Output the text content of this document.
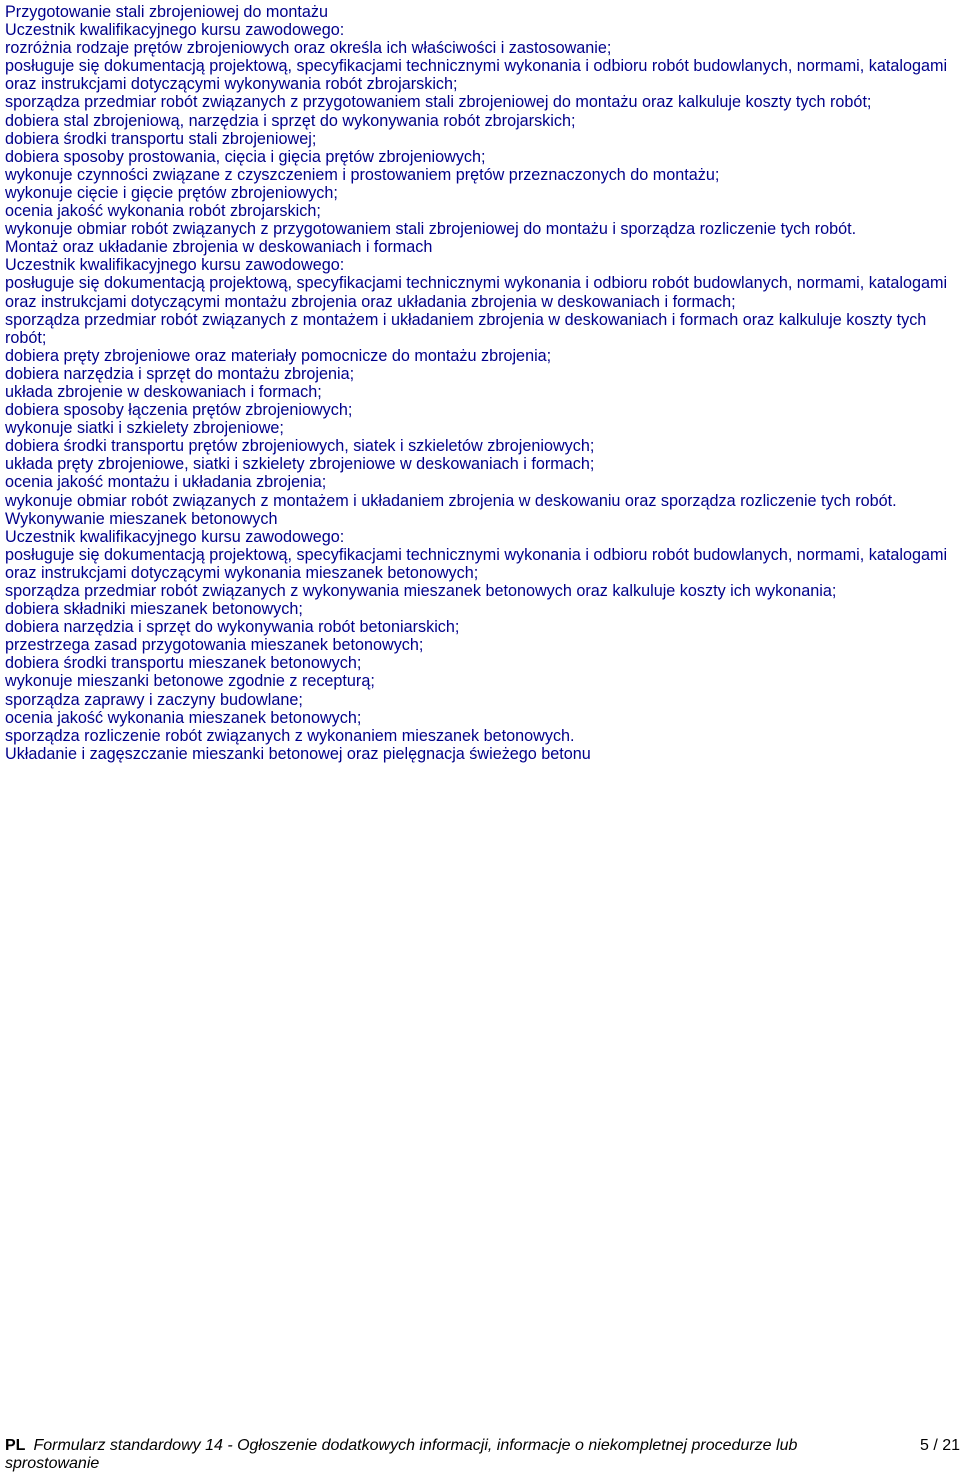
Przygotowanie stali zbrojeniowej do montażu
Uczestnik kwalifikacyjnego kursu zawodowego:
rozróżnia rodzaje prętów zbrojeniowych oraz określa ich właściwości i zastosowanie;
posługuje się dokumentacją projektową, specyfikacjami technicznymi wykonania i odbioru robót budowlanych, normami, katalogami oraz instrukcjami dotyczącymi wykonywania robót zbrojarskich;
sporządza przedmiar robót związanych z przygotowaniem stali zbrojeniowej do montażu oraz kalkuluje koszty tych robót;
dobiera stal zbrojeniową, narzędzia i sprzęt do wykonywania robót zbrojarskich;
dobiera środki transportu stali zbrojeniowej;
dobiera sposoby prostowania, cięcia i gięcia prętów zbrojeniowych;
wykonuje czynności związane z czyszczeniem i prostowaniem prętów przeznaczonych do montażu;
wykonuje cięcie i gięcie prętów zbrojeniowych;
ocenia jakość wykonania robót zbrojarskich;
wykonuje obmiar robót związanych z przygotowaniem stali zbrojeniowej do montażu i sporządza rozliczenie tych robót.
Montaż oraz układanie zbrojenia w deskowaniach i formach
Uczestnik kwalifikacyjnego kursu zawodowego:
posługuje się dokumentacją projektową, specyfikacjami technicznymi wykonania i odbioru robót budowlanych, normami, katalogami oraz instrukcjami dotyczącymi montażu zbrojenia oraz układania zbrojenia w deskowaniach i formach;
sporządza przedmiar robót związanych z montażem i układaniem zbrojenia w deskowaniach i formach oraz kalkuluje koszty tych robót;
dobiera pręty zbrojeniowe oraz materiały pomocnicze do montażu zbrojenia;
dobiera narzędzia i sprzęt do montażu zbrojenia;
układa zbrojenie w deskowaniach i formach;
dobiera sposoby łączenia prętów zbrojeniowych;
wykonuje siatki i szkielety zbrojeniowe;
dobiera środki transportu prętów zbrojeniowych, siatek i szkieletów zbrojeniowych;
układa pręty zbrojeniowe, siatki i szkielety zbrojeniowe w deskowaniach i formach;
ocenia jakość montażu i układania zbrojenia;
wykonuje obmiar robót związanych z montażem i układaniem zbrojenia w deskowaniu oraz sporządza rozliczenie tych robót.
Wykonywanie mieszanek betonowych
Uczestnik kwalifikacyjnego kursu zawodowego:
posługuje się dokumentacją projektową, specyfikacjami technicznymi wykonania i odbioru robót budowlanych, normami, katalogami oraz instrukcjami dotyczącymi wykonania mieszanek betonowych;
sporządza przedmiar robót związanych z wykonywania mieszanek betonowych oraz kalkuluje koszty ich wykonania;
dobiera składniki mieszanek betonowych;
dobiera narzędzia i sprzęt do wykonywania robót betoniarskich;
przestrzega zasad przygotowania mieszanek betonowych;
dobiera środki transportu mieszanek betonowych;
wykonuje mieszanki betonowe zgodnie z recepturą;
sporządza zaprawy i zaczyny budowlane;
ocenia jakość wykonania mieszanek betonowych;
sporządza rozliczenie robót związanych z wykonaniem mieszanek betonowych.
Układanie i zagęszczanie mieszanki betonowej oraz pielęgnacja świeżego betonu
PL Formularz standardowy 14 - Ogłoszenie dodatkowych informacji, informacje o niekompletnej procedurze lub sprostowanie
5 / 21
